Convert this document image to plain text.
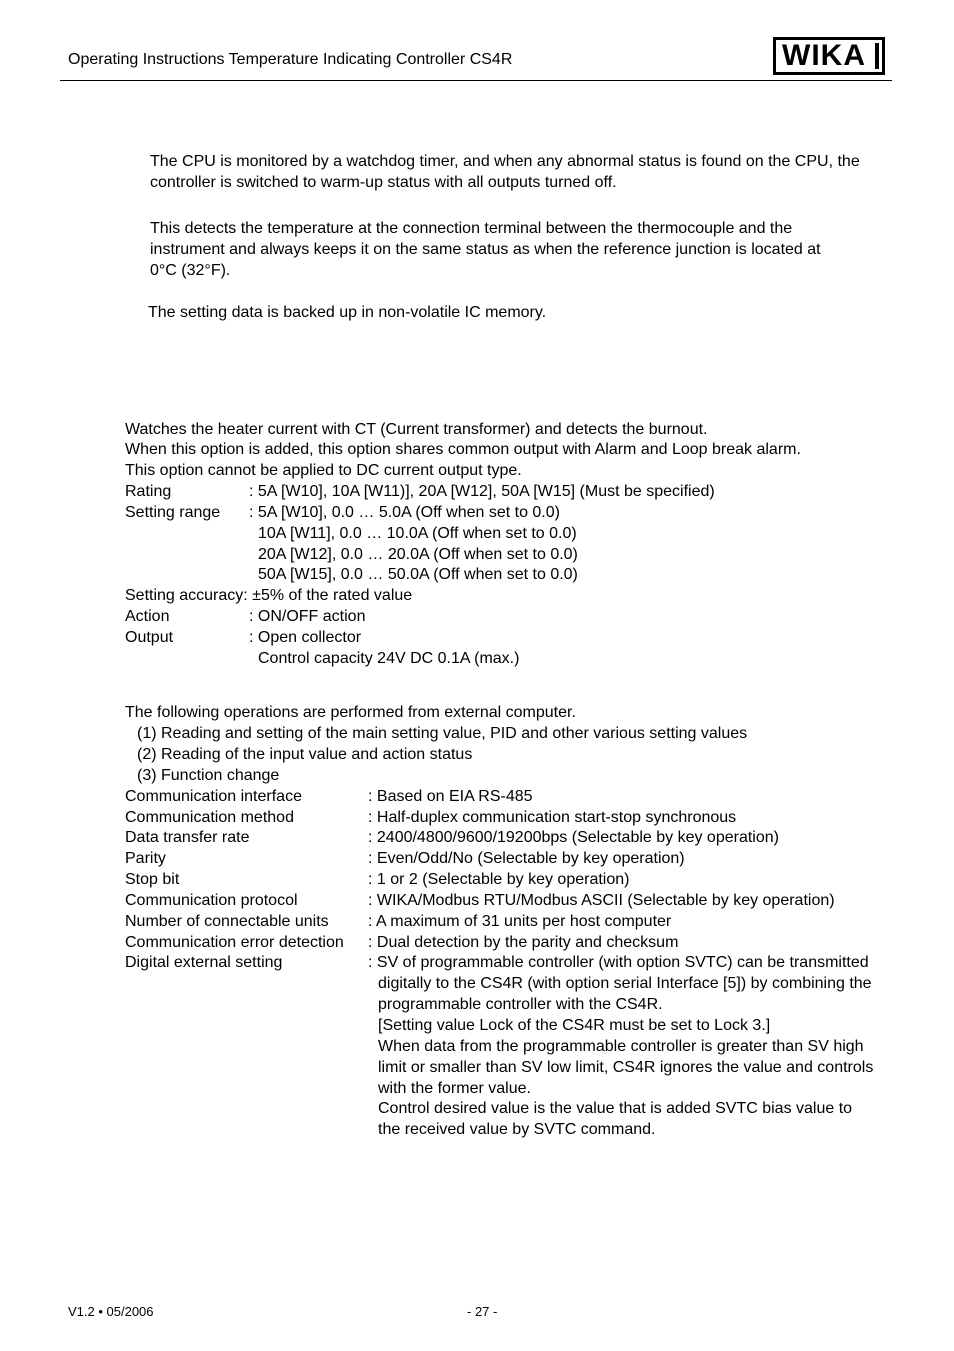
Operating Instructions Temperature Indicating Controller CS4R	WIKA
The CPU is monitored by a watchdog timer, and when any abnormal status is found on the CPU, the
controller is switched to warm-up status with all outputs turned off.
This detects the temperature at the connection terminal between the thermocouple and the
instrument and always keeps it on the same status as when the reference junction is located at
0°C (32°F).
The setting data is backed up in non-volatile IC memory.
Watches the heater current with CT (Current transformer) and detects the burnout.
When this option is added, this option shares common output with Alarm and Loop break alarm.
This option cannot be applied to DC current output type.
Rating	: 5A [W10], 10A [W11)], 20A [W12], 50A [W15] (Must be specified)
Setting range : 5A [W10], 0.0 … 5.0A (Off when set to 0.0)
10A [W11], 0.0 … 10.0A (Off when set to 0.0)
20A [W12], 0.0 … 20.0A (Off when set to 0.0)
50A [W15], 0.0 … 50.0A (Off when set to 0.0)
Setting accuracy: ±5% of the rated value
Action	: ON/OFF action
Output	: Open collector
Control capacity 24V DC 0.1A (max.)
The following operations are performed from external computer.
(1) Reading and setting of the main setting value, PID and other various setting values
(2) Reading of the input value and action status
(3) Function change
Communication interface	: Based on EIA RS-485
Communication method	: Half-duplex communication start-stop synchronous
Data transfer rate	: 2400/4800/9600/19200bps (Selectable by key operation)
Parity	: Even/Odd/No (Selectable by key operation)
Stop bit	: 1 or 2 (Selectable by key operation)
Communication protocol	: WIKA/Modbus RTU/Modbus ASCII (Selectable by key operation)
Number of connectable units : A maximum of 31 units per host computer
Communication error detection : Dual detection by the parity and checksum
Digital external setting	: SV of programmable controller (with option SVTC) can be transmitted
digitally to the CS4R (with option serial Interface [5]) by combining the
programmable controller with the CS4R.
[Setting value Lock of the CS4R must be set to Lock 3.]
When data from the programmable controller is greater than SV high
limit or smaller than SV low limit, CS4R ignores the value and controls
with the former value.
Control desired value is the value that is added SVTC bias value to
the received value by SVTC command.
V1.2 • 05/2006	- 27 -
